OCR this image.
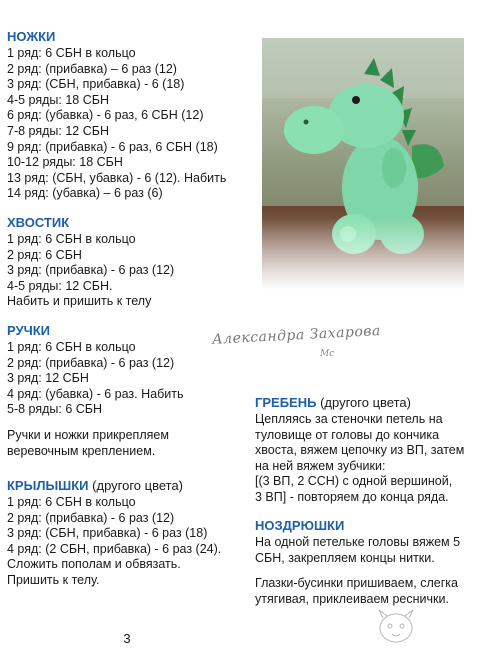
НОЖКИ
1 ряд: 6 СБН в кольцо
2 ряд: (прибавка) – 6 раз (12)
3 ряд: (СБН, прибавка) - 6 (18)
4-5 ряды: 18 СБН
6 ряд: (убавка) - 6 раз, 6 СБН (12)
7-8 ряды: 12 СБН
9 ряд: (прибавка) - 6 раз, 6 СБН (18)
10-12 ряды: 18 СБН
13 ряд: (СБН, убавка) - 6 (12). Набить
14 ряд: (убавка) – 6 раз (6)
ХВОСТИК
1 ряд: 6 СБН в кольцо
2 ряд: 6 СБН
3 ряд: (прибавка) - 6 раз (12)
4-5 ряды: 12 СБН.
Набить и пришить к телу
РУЧКИ
1 ряд: 6 СБН в кольцо
2 ряд: (прибавка) - 6 раз (12)
3 ряд: 12 СБН
4 ряд: (убавка) - 6 раз. Набить
5-8 ряды: 6 СБН
Ручки и ножки прикрепляем веревочным креплением.
КРЫЛЫШКИ (другого цвета)
1 ряд: 6 СБН в кольцо
2 ряд: (прибавка) - 6 раз (12)
3 ряд: (СБН, прибавка) - 6 раз (18)
4 ряд: (2 СБН, прибавка) - 6 раз (24).
Сложить пополам и обвязать.
Пришить к телу.
ГРЕБЕНЬ (другого цвета)
Цепляясь за стеночки петель на
туловище от головы до кончика
хвоста, вяжем цепочку из ВП, затем
на ней вяжем зубчики:
[(3 ВП, 2 ССН) с одной вершиной,
3 ВП] - повторяем до конца ряда.
НОЗДРЮШКИ
На одной петельке головы вяжем 5
СБН, закрепляем концы нитки.
Глазки-бусинки пришиваем, слегка
утягивая, приклеиваем реснички.
Александра Захарова
Mc
3
